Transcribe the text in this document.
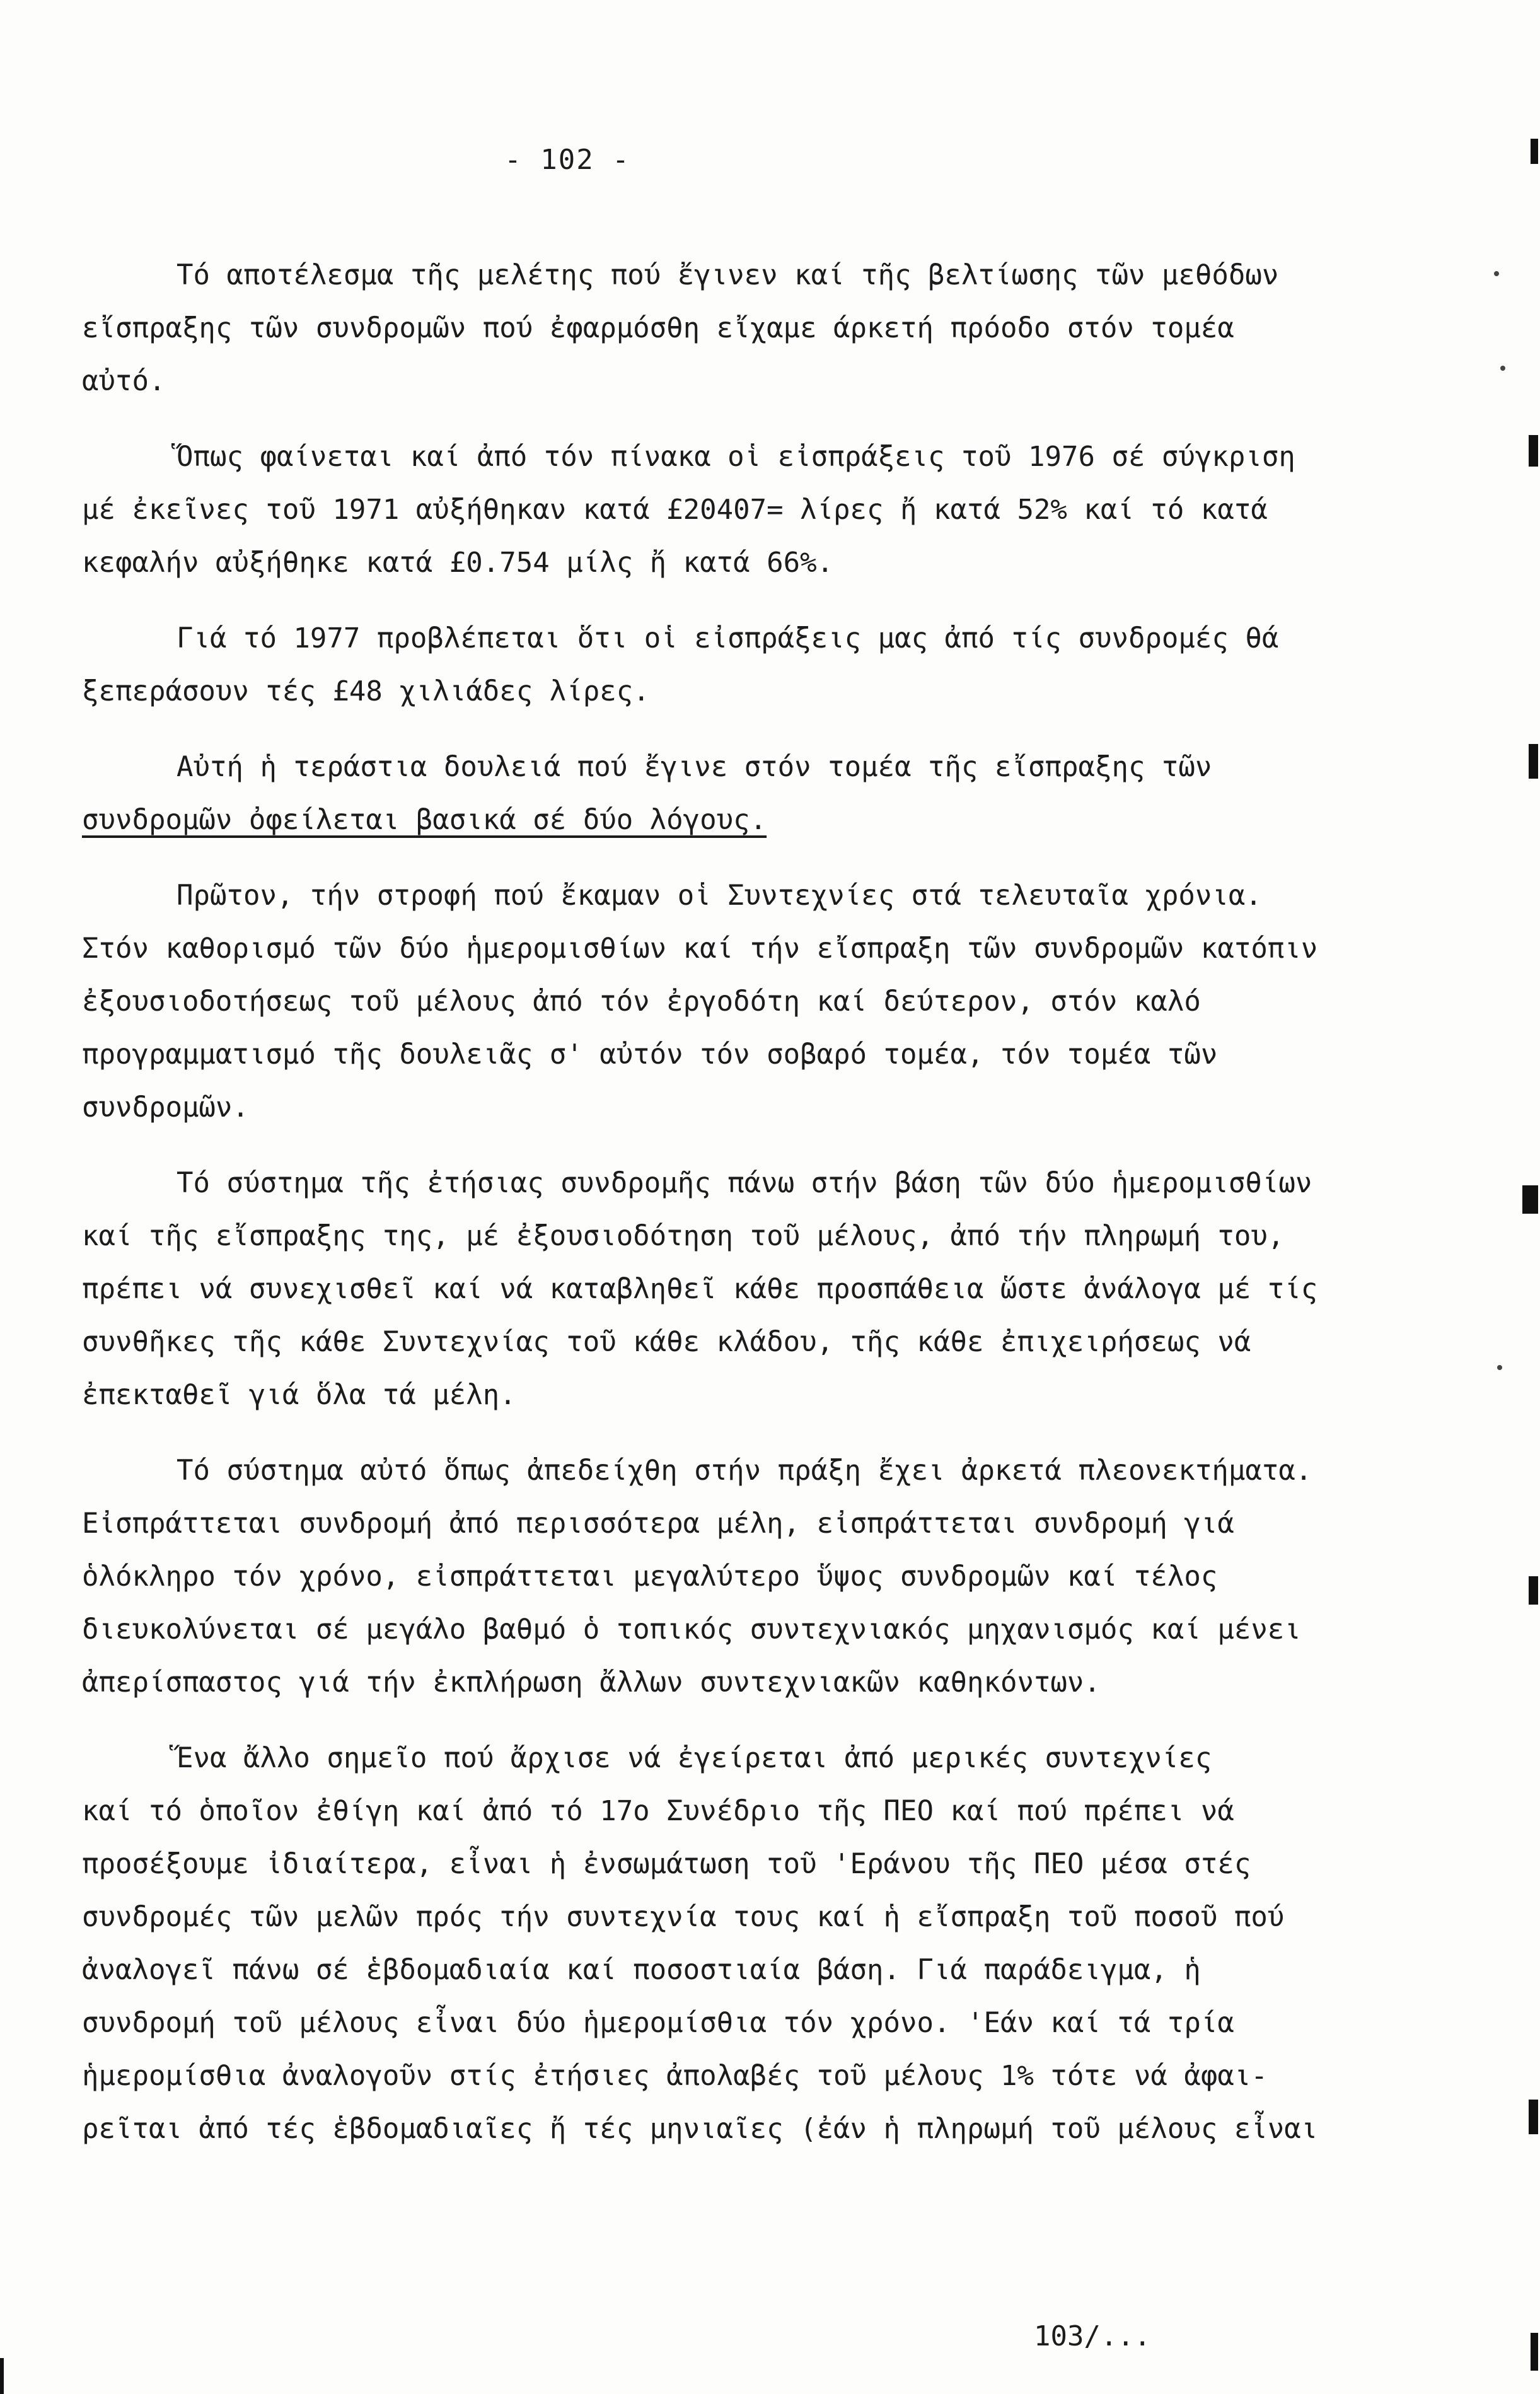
- 102 -
Τό αποτέλεσμα τῆς μελέτης πού ἔγινεν καί τῆς βελτίωσης τῶν μεθόδων
εἴσπραξης τῶν συνδρομῶν πού ἐφαρμόσθη εἴχαμε άρκετή πρόοδο στόν τομέα
αὐτό.
Ὅπως φαίνεται καί ἀπό τόν πίνακα οἱ εἰσπράξεις τοῦ 1976 σέ σύγκριση
μέ ἐκεῖνες τοῦ 1971 αὐξήθηκαν κατά £20407= λίρες ἤ κατά 52% καί τό κατά
κεφαλήν αὐξήθηκε κατά £0.754 μίλς ἤ κατά 66%.
Γιά τό 1977 προβλέπεται ὅτι οἱ εἰσπράξεις μας ἀπό τίς συνδρομές θά
ξεπεράσουν τές £48 χιλιάδες λίρες.
Αὐτή ἡ τεράστια δουλειά πού ἔγινε στόν τομέα τῆς εἴσπραξης τῶν
συνδρομῶν ὀφείλεται βασικά σέ δύο λόγους.
Πρῶτον, τήν στροφή πού ἔκαμαν οἱ Συντεχνίες στά τελευταῖα χρόνια.
Στόν καθορισμό τῶν δύο ἡμερομισθίων καί τήν εἴσπραξη τῶν συνδρομῶν κατόπιν
ἐξουσιοδοτήσεως τοῦ μέλους ἀπό τόν ἐργοδότη καί δεύτερον, στόν καλό
προγραμματισμό τῆς δουλειᾶς σ' αὐτόν τόν σοβαρό τομέα, τόν τομέα τῶν
συνδρομῶν.
Τό σύστημα τῆς ἐτήσιας συνδρομῆς πάνω στήν βάση τῶν δύο ἡμερομισθίων
καί τῆς εἴσπραξης της, μέ ἐξουσιοδότηση τοῦ μέλους, ἀπό τήν πληρωμή του,
πρέπει νά συνεχισθεῖ καί νά καταβληθεῖ κάθε προσπάθεια ὥστε ἀνάλογα μέ τίς
συνθῆκες τῆς κάθε Συντεχνίας τοῦ κάθε κλάδου, τῆς κάθε ἐπιχειρήσεως νά
ἐπεκταθεῖ γιά ὅλα τά μέλη.
Τό σύστημα αὐτό ὅπως ἀπεδείχθη στήν πράξη ἔχει ἀρκετά πλεονεκτήματα.
Εἰσπράττεται συνδρομή ἀπό περισσότερα μέλη, εἰσπράττεται συνδρομή γιά
ὁλόκληρο τόν χρόνο, εἰσπράττεται μεγαλύτερο ὕψος συνδρομῶν καί τέλος
διευκολύνεται σέ μεγάλο βαθμό ὁ τοπικός συντεχνιακός μηχανισμός καί μένει
ἀπερίσπαστος γιά τήν ἐκπλήρωση ἄλλων συντεχνιακῶν καθηκόντων.
Ἕνα ἄλλο σημεῖο πού ἄρχισε νά ἐγείρεται ἀπό μερικές συντεχνίες
καί τό ὁποῖον ἐθίγη καί ἀπό τό 17ο Συνέδριο τῆς ΠΕΟ καί πού πρέπει νά
προσέξουμε ἰδιαίτερα, εἶναι ἡ ἐνσωμάτωση τοῦ 'Εράνου τῆς ΠΕΟ μέσα στές
συνδρομές τῶν μελῶν πρός τήν συντεχνία τους καί ἡ εἴσπραξη τοῦ ποσοῦ πού
ἀναλογεῖ πάνω σέ ἑβδομαδιαία καί ποσοστιαία βάση. Γιά παράδειγμα, ἡ
συνδρομή τοῦ μέλους εἶναι δύο ἡμερομίσθια τόν χρόνο. 'Εάν καί τά τρία
ἡμερομίσθια ἀναλογοῦν στίς ἐτήσιες ἀπολαβές τοῦ μέλους 1% τότε νά ἀφαι-
ρεῖται ἀπό τές ἑβδομαδιαῖες ἤ τές μηνιαῖες (ἐάν ἡ πληρωμή τοῦ μέλους εἶναι
103/...
